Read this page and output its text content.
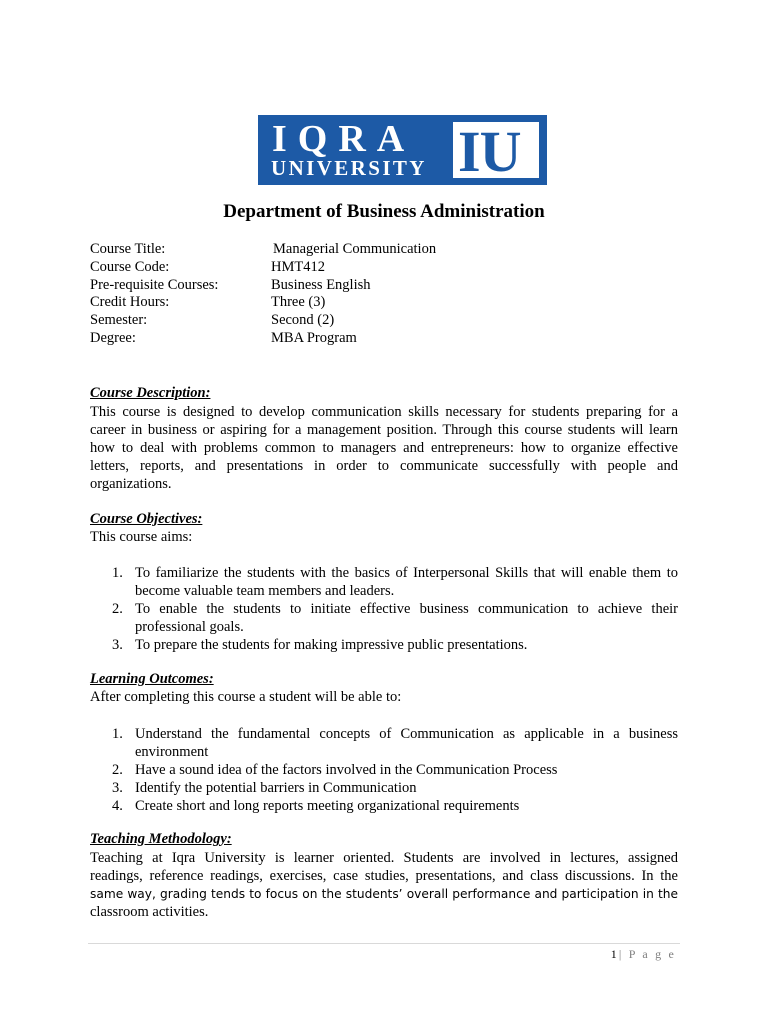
IQRA
UNIVERSITY IU
Department of Business Administration
Course Title:	Managerial Communication
Course Code:	HMT412
Pre-requisite Courses:	Business English
Credit Hours:	Three (3)
Semester:	Second (2)
Degree:	MBA Program
Course Description:
This course is designed to develop communication skills necessary for students preparing for a
career in business or aspiring for a management position. Through this course students will learn
how to deal with problems common to managers and entrepreneurs: how to organize effective
letters, reports, and presentations in order to communicate successfully with people and
organizations.
Course Objectives:
This course aims:
1. To familiarize the students with the basics of Interpersonal Skills that will enable them to
become valuable team members and leaders.
2. To enable the students to initiate effective business communication to achieve their
professional goals.
3. To prepare the students for making impressive public presentations.
Learning Outcomes:
After completing this course a student will be able to:
1. Understand the fundamental concepts of Communication as applicable in a business
environment
2. Have a sound idea of the factors involved in the Communication Process
3. Identify the potential barriers in Communication
4. Create short and long reports meeting organizational requirements
Teaching Methodology:
Teaching at Iqra University is learner oriented. Students are involved in lectures, assigned
readings, reference readings, exercises, case studies, presentations, and class discussions. In the
same way, grading tends to focus on the students’ overall performance and participation in the
classroom activities.
1| P a g e
